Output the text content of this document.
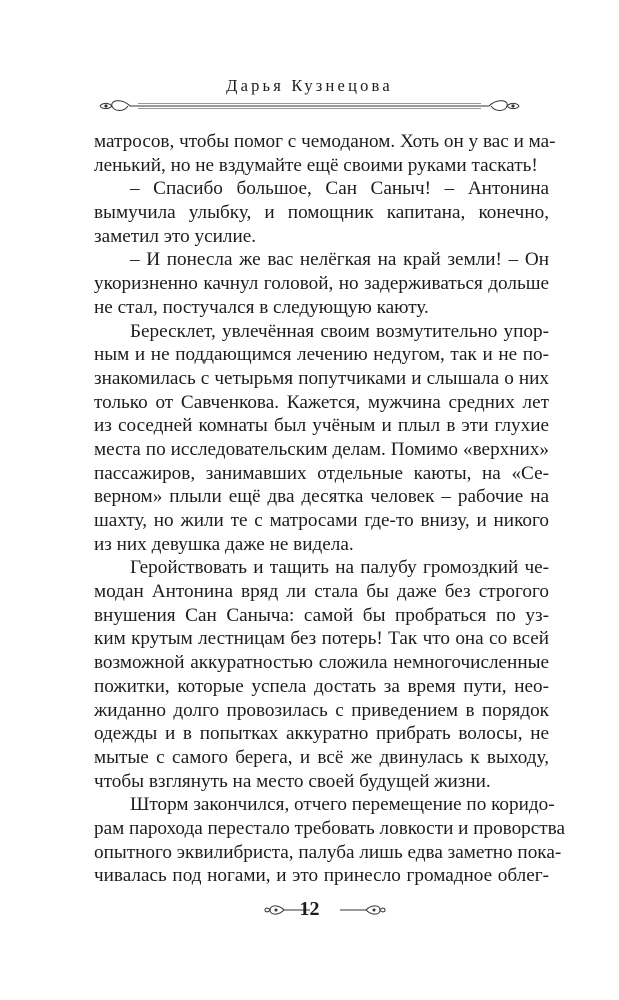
Дарья Кузнецова
матросов, чтобы помог с чемоданом. Хоть он у вас и ма-
ленький, но не вздумайте ещё своими руками таскать!
– Спасибо большое, Сан Саныч! – Антонина
вымучила улыбку, и помощник капитана, конечно,
заметил это усилие.
– И понесла же вас нелёгкая на край земли! – Он
укоризненно качнул головой, но задерживаться дольше
не стал, постучался в следующую каюту.
Бересклет, увлечённая своим возмутительно упор-
ным и не поддающимся лечению недугом, так и не по-
знакомилась с четырьмя попутчиками и слышала о них
только от Савченкова. Кажется, мужчина средних лет
из соседней комнаты был учёным и плыл в эти глухие
места по исследовательским делам. Помимо «верхних»
пассажиров, занимавших отдельные каюты, на «Се-
верном» плыли ещё два десятка человек – рабочие на
шахту, но жили те с матросами где-то внизу, и никого
из них девушка даже не видела.
Геройствовать и тащить на палубу громоздкий че-
модан Антонина вряд ли стала бы даже без строгого
внушения Сан Саныча: самой бы пробраться по уз-
ким крутым лестницам без потерь! Так что она со всей
возможной аккуратностью сложила немногочисленные
пожитки, которые успела достать за время пути, нео-
жиданно долго провозилась с приведением в порядок
одежды и в попытках аккуратно прибрать волосы, не
мытые с самого берега, и всё же двинулась к выходу,
чтобы взглянуть на место своей будущей жизни.
Шторм закончился, отчего перемещение по коридо-
рам парохода перестало требовать ловкости и проворства
опытного эквилибриста, палуба лишь едва заметно пока-
чивалась под ногами, и это принесло громадное облег-
12
